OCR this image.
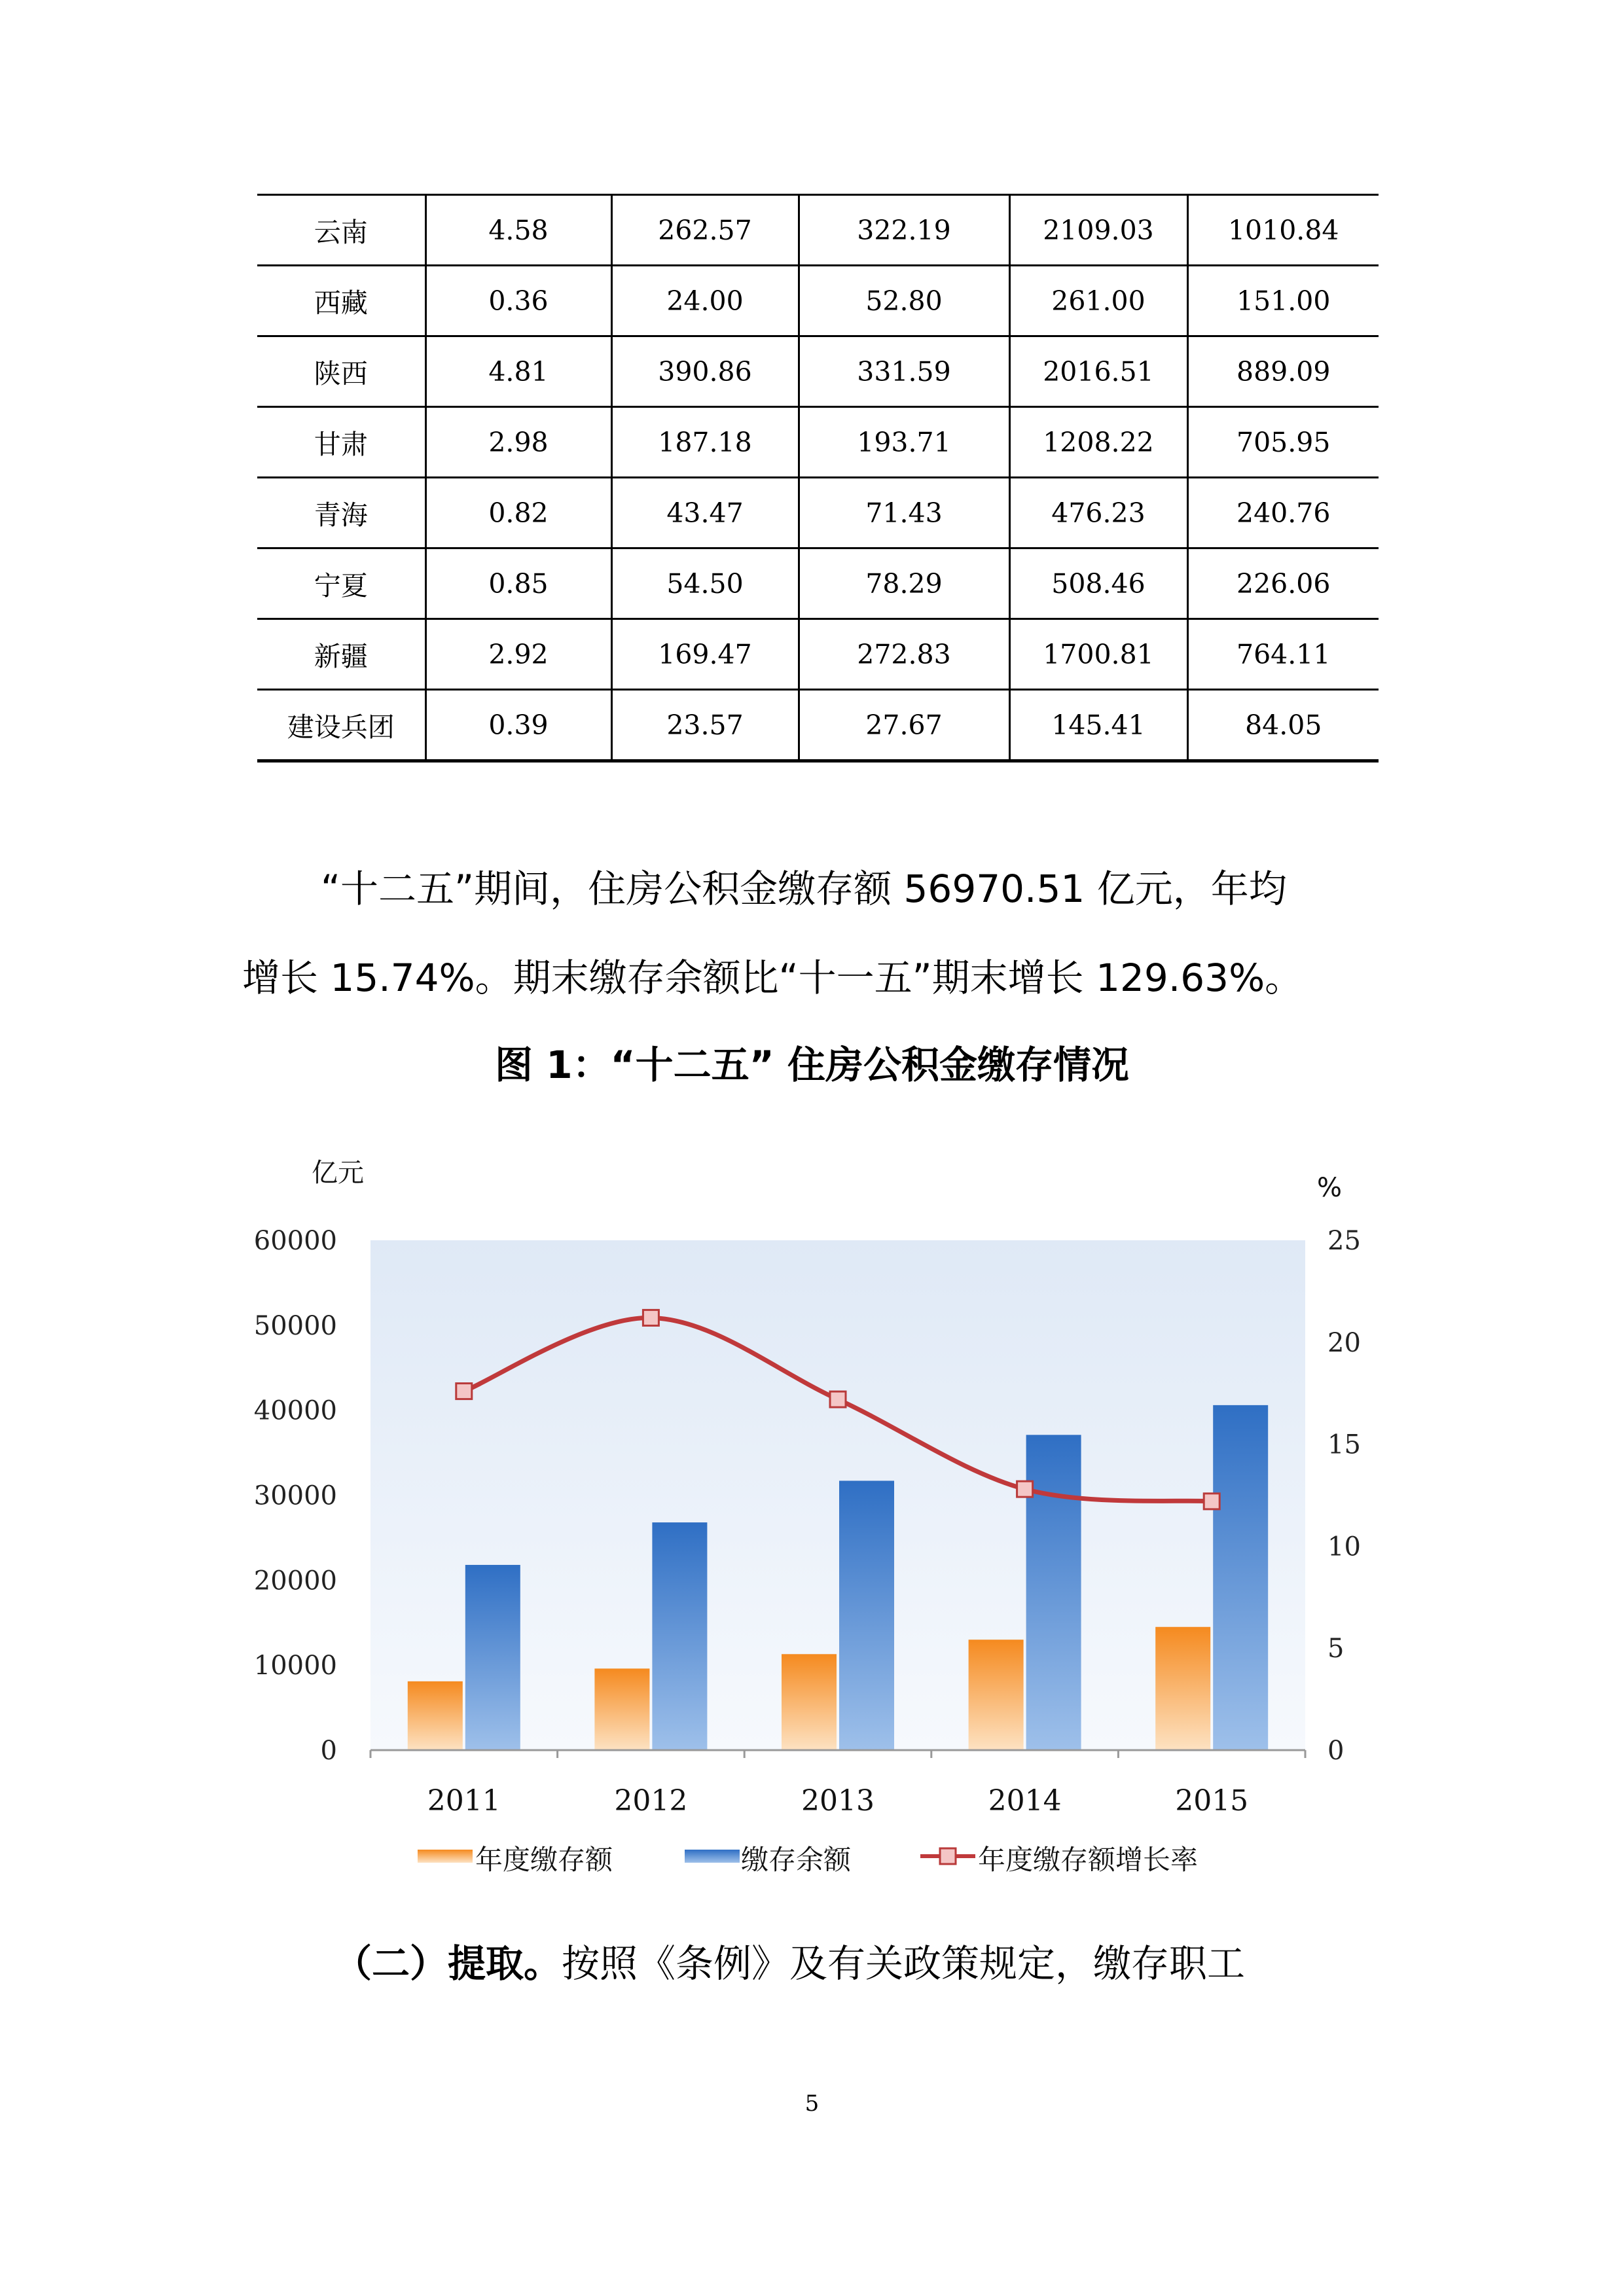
云南	4.58	262.57	322.19	2109.03	1010.84
西藏	0.36	24.00	52.80	261.00	151.00
陕西	4.81	390.86	331.59	2016.51	889.09
甘肃	2.98	187.18	193.71	1208.22	705.95
青海	0.82	43.47	71.43	476.23	240.76
宁夏	0.85	54.50	78.29	508.46	226.06
新疆	2.92	169.47	272.83	1700.81	764.11
建设兵团	0.39	23.57	27.67	145.41	84.05

“十二五”期间，住房公积金缴存额 56970.51 亿元，年均
增长 15.74%。期末缴存余额比“十一五”期末增长 129.63%。

图 1：“十二五” 住房公积金缴存情况
0
10000
20000
30000
40000
50000
60000
0
5
10
15
20
25
亿元	%
2011	2012	2013	2014	2015
年度缴存额	缴存余额	年度缴存额增长率

（二）提取。按照《条例》及有关政策规定，缴存职工

5
